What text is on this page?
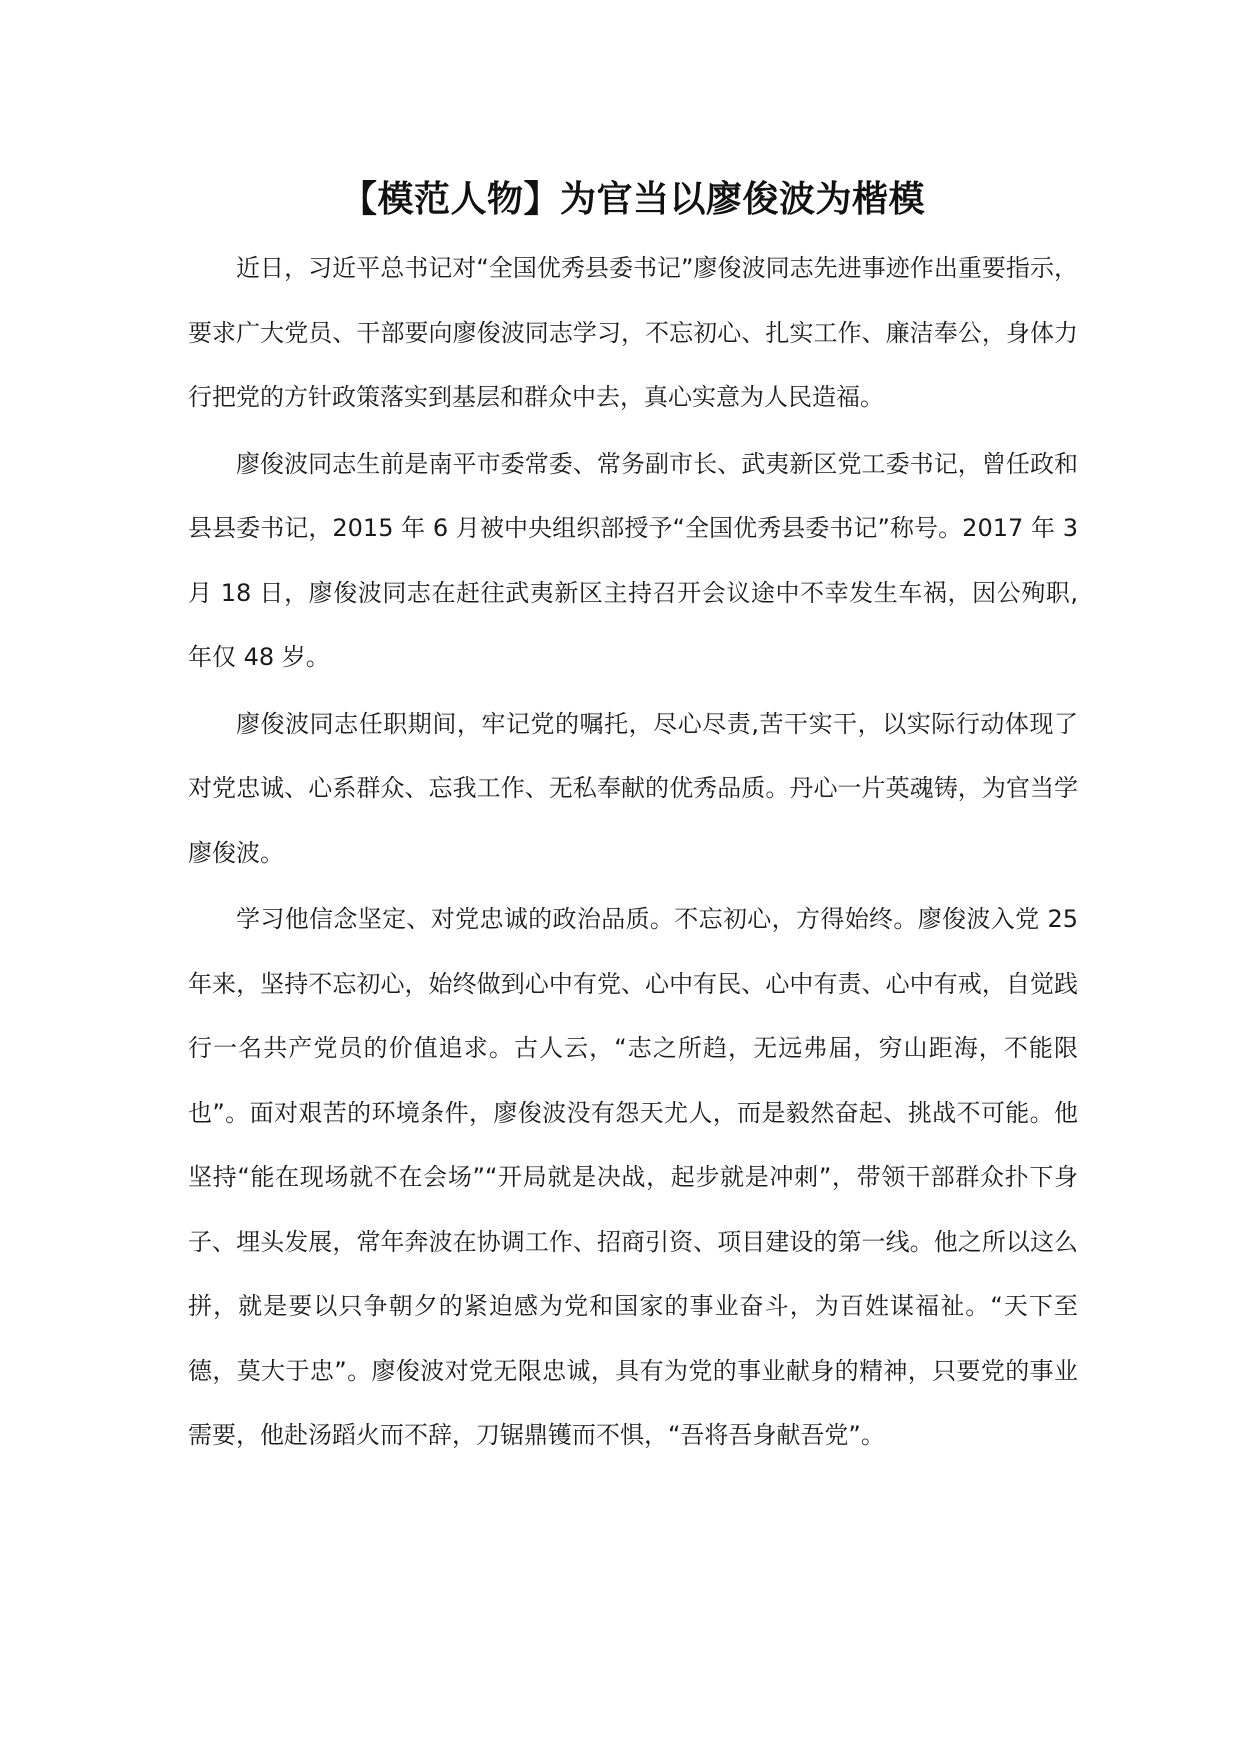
【模范人物】为官当以廖俊波为楷模

近日，习近平总书记对“全国优秀县委书记”廖俊波同志先进事迹作出重要指示，要求广大党员、干部要向廖俊波同志学习，不忘初心、扎实工作、廉洁奉公，身体力行把党的方针政策落实到基层和群众中去，真心实意为人民造福。

廖俊波同志生前是南平市委常委、常务副市长、武夷新区党工委书记，曾任政和县县委书记，2015 年 6 月被中央组织部授予“全国优秀县委书记”称号。2017 年 3 月 18 日，廖俊波同志在赶往武夷新区主持召开会议途中不幸发生车祸，因公殉职,年仅 48 岁。

廖俊波同志任职期间，牢记党的嘱托，尽心尽责,苦干实干，以实际行动体现了对党忠诚、心系群众、忘我工作、无私奉献的优秀品质。丹心一片英魂铸，为官当学廖俊波。

学习他信念坚定、对党忠诚的政治品质。不忘初心，方得始终。廖俊波入党 25 年来，坚持不忘初心，始终做到心中有党、心中有民、心中有责、心中有戒，自觉践行一名共产党员的价值追求。古人云，“志之所趋，无远弗届，穷山距海，不能限也”。面对艰苦的环境条件，廖俊波没有怨天尤人，而是毅然奋起、挑战不可能。他坚持“能在现场就不在会场”“开局就是决战，起步就是冲刺”，带领干部群众扑下身子、埋头发展，常年奔波在协调工作、招商引资、项目建设的第一线。他之所以这么拼，就是要以只争朝夕的紧迫感为党和国家的事业奋斗，为百姓谋福祉。“天下至德，莫大于忠”。廖俊波对党无限忠诚，具有为党的事业献身的精神，只要党的事业需要，他赴汤蹈火而不辞，刀锯鼎镬而不惧，“吾将吾身献吾党”。
